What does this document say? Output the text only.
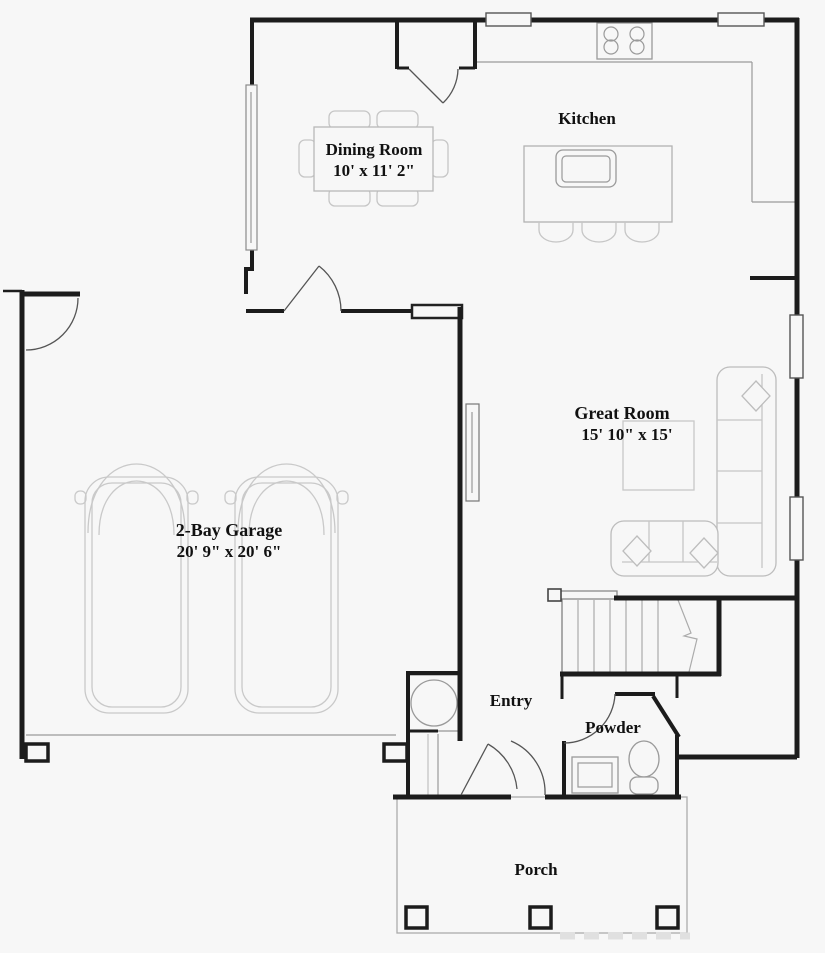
Dining Room
10' x 11' 2"
Kitchen
Great Room
15' 10" x 15'
2-Bay Garage
20' 9" x 20' 6"
Entry
Powder
Porch
